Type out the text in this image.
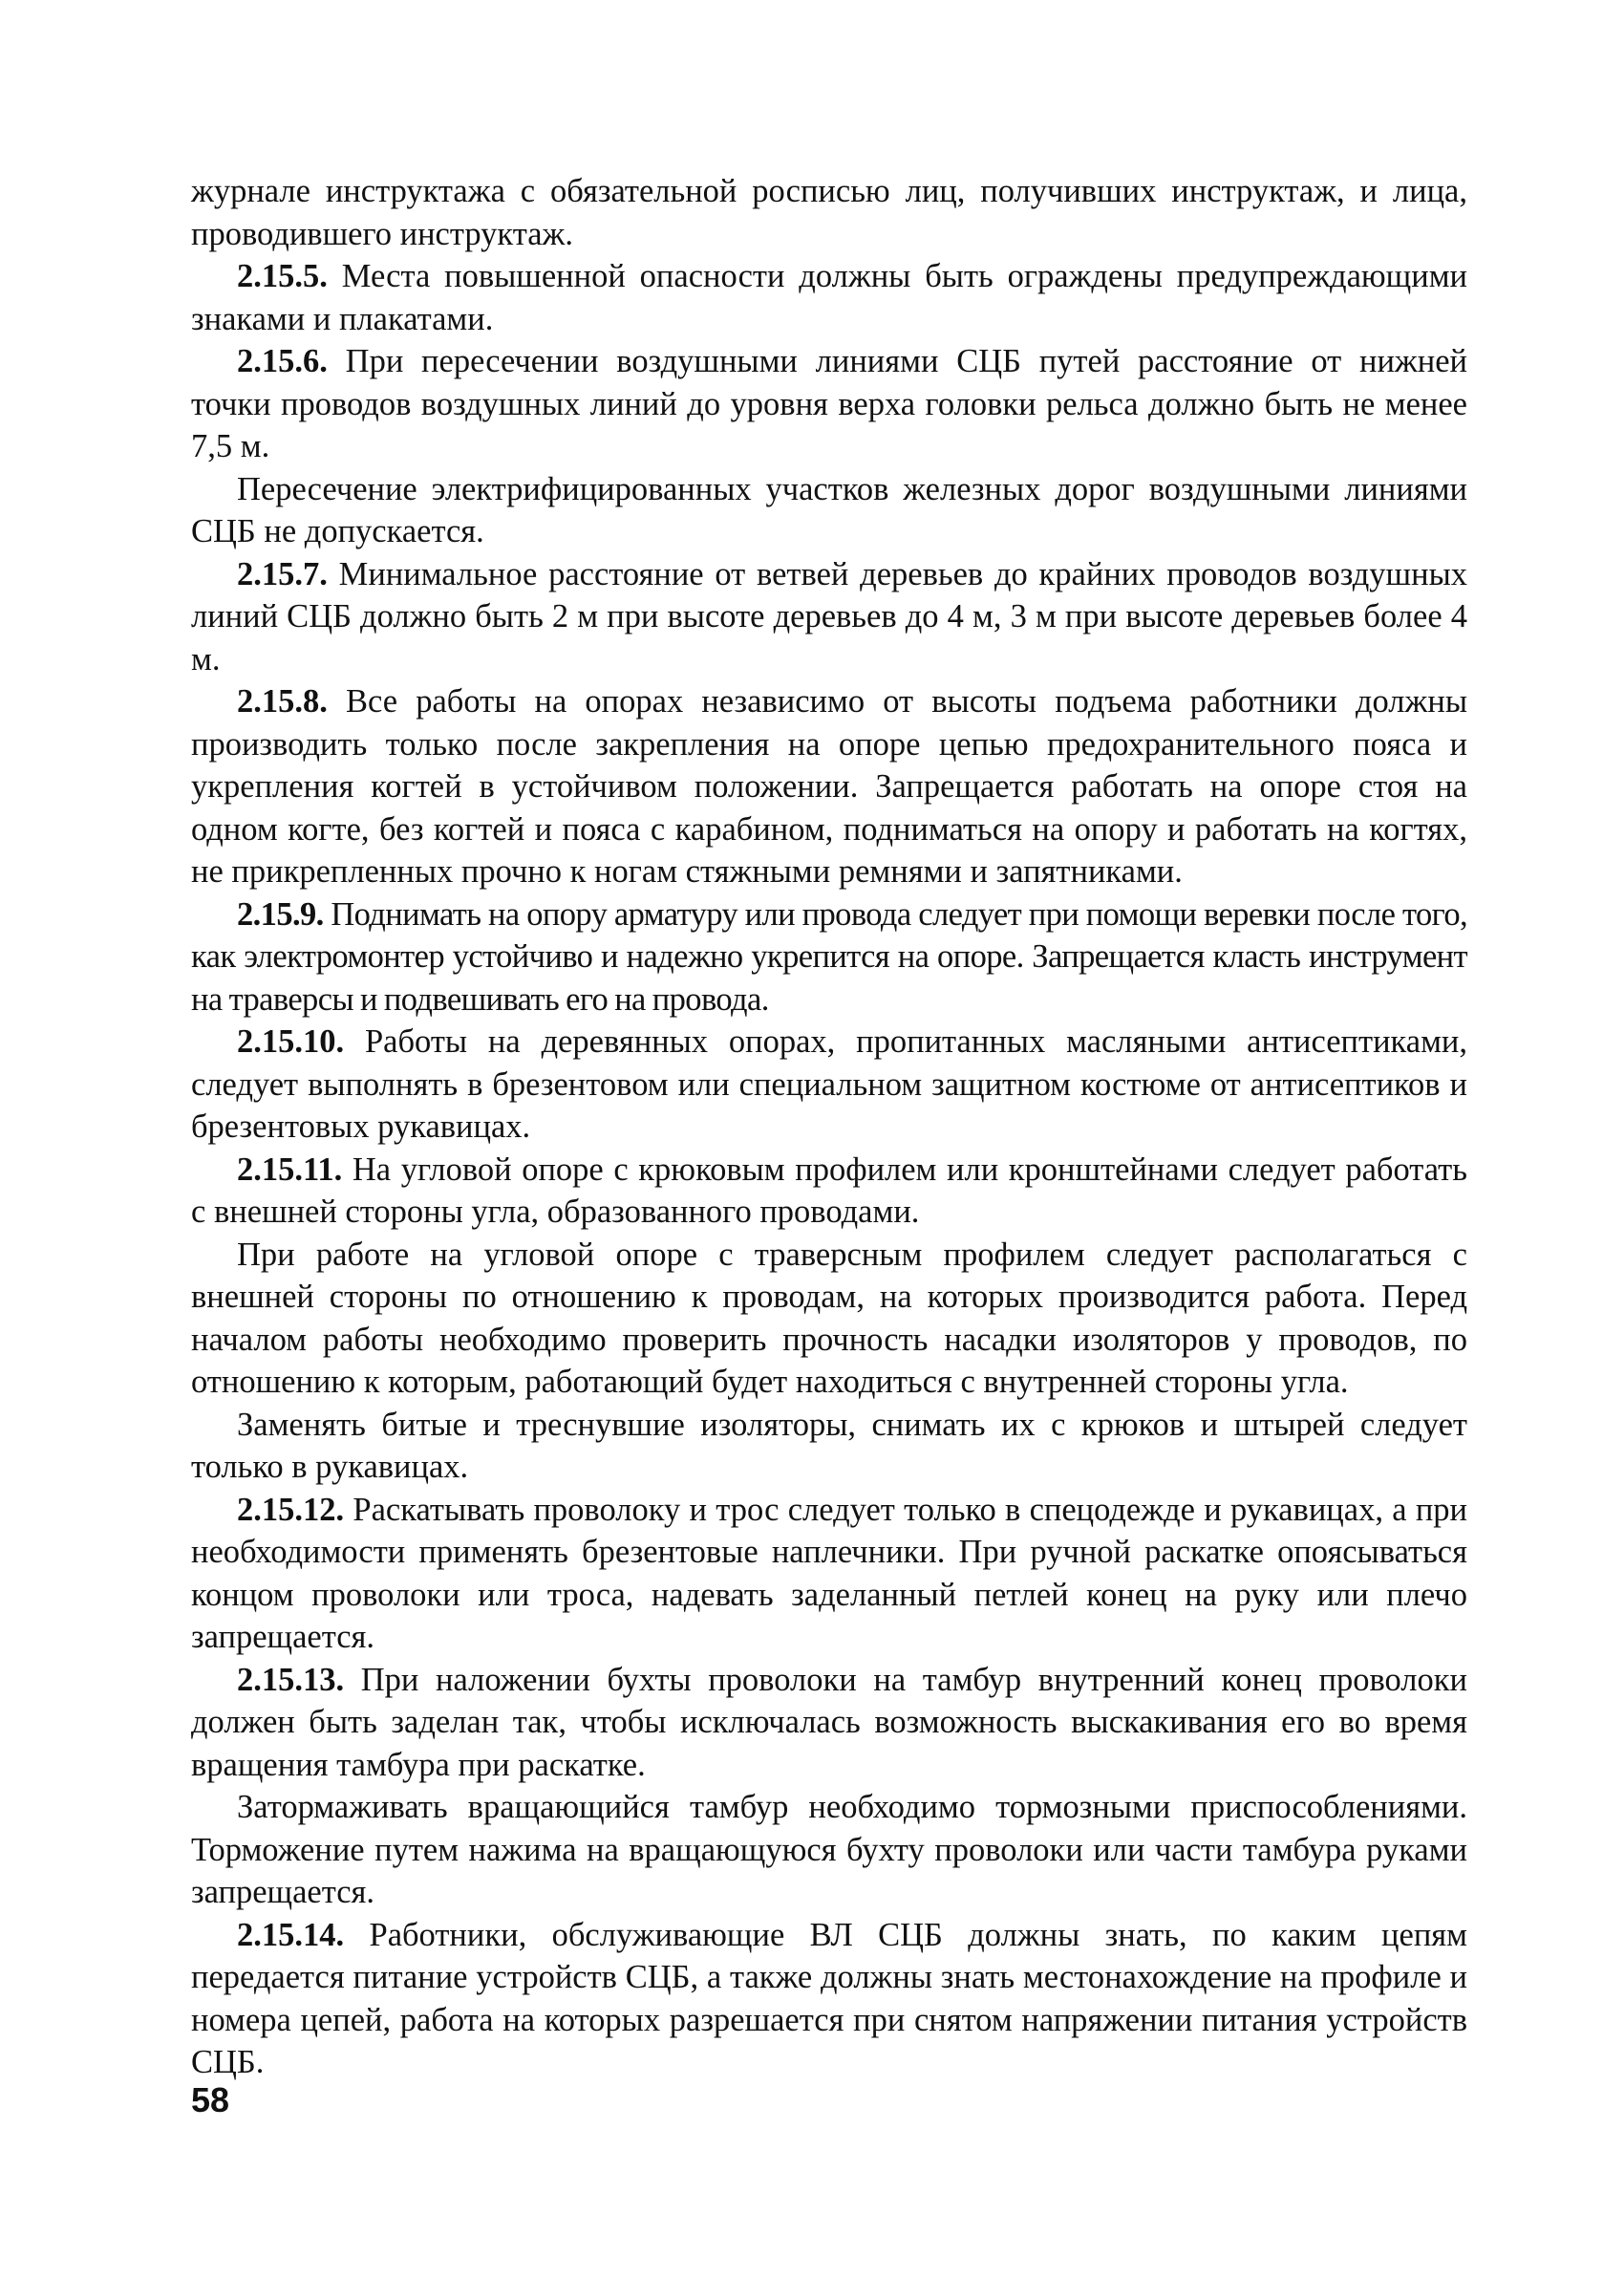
журнале инструктажа с обязательной росписью лиц, получивших инструктаж, и лица, проводившего инструктаж.

2.15.5. Места повышенной опасности должны быть ограждены предупреждающими знаками и плакатами.

2.15.6. При пересечении воздушными линиями СЦБ путей расстояние от нижней точки проводов воздушных линий до уровня верха головки рельса должно быть не менее 7,5 м.

Пересечение электрифицированных участков железных дорог воздушными линиями СЦБ не допускается.

2.15.7. Минимальное расстояние от ветвей деревьев до крайних проводов воздушных линий СЦБ должно быть 2 м при высоте деревьев до 4 м, 3 м при высоте деревьев более 4 м.

2.15.8. Все работы на опорах независимо от высоты подъема работники должны производить только после закрепления на опоре цепью предохранительного пояса и укрепления когтей в устойчивом положении. Запрещается работать на опоре стоя на одном когте, без когтей и пояса с карабином, подниматься на опору и работать на когтях, не прикрепленных прочно к ногам стяжными ремнями и запятниками.

2.15.9. Поднимать на опору арматуру или провода следует при помощи веревки после того, как электромонтер устойчиво и надежно укрепится на опоре. Запрещается класть инструмент на траверсы и подвешивать его на провода.

2.15.10. Работы на деревянных опорах, пропитанных масляными антисептиками, следует выполнять в брезентовом или специальном защитном костюме от антисептиков и брезентовых рукавицах.

2.15.11. На угловой опоре с крюковым профилем или кронштейнами следует работать с внешней стороны угла, образованного проводами.

При работе на угловой опоре с траверсным профилем следует располагаться с внешней стороны по отношению к проводам, на которых производится работа. Перед началом работы необходимо проверить прочность насадки изоляторов у проводов, по отношению к которым, работающий будет находиться с внутренней стороны угла.

Заменять битые и треснувшие изоляторы, снимать их с крюков и штырей следует только в рукавицах.

2.15.12. Раскатывать проволоку и трос следует только в спецодежде и рукавицах, а при необходимости применять брезентовые наплечники. При ручной раскатке опоясываться концом проволоки или троса, надевать заделанный петлей конец на руку или плечо запрещается.

2.15.13. При наложении бухты проволоки на тамбур внутренний конец проволоки должен быть заделан так, чтобы исключалась возможность выскакивания его во время вращения тамбура при раскатке.

Затормаживать вращающийся тамбур необходимо тормозными приспособлениями. Торможение путем нажима на вращающуюся бухту проволоки или части тамбура руками запрещается.

2.15.14. Работники, обслуживающие ВЛ СЦБ должны знать, по каким цепям передается питание устройств СЦБ, а также должны знать местонахождение на профиле и номера цепей, работа на которых разрешается при снятом напряжении питания устройств СЦБ.

58
